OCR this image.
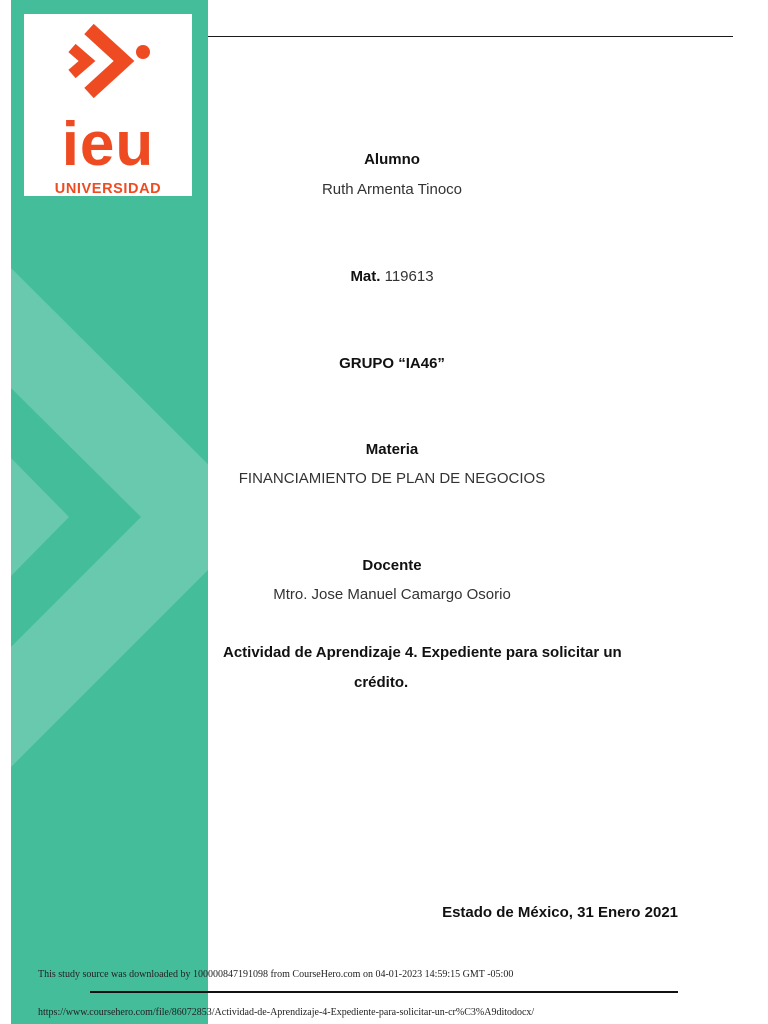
ieu
UNIVERSIDAD
Alumno
Ruth Armenta Tinoco
Mat. 119613
GRUPO “IA46”
Materia
FINANCIAMIENTO DE PLAN DE NEGOCIOS
Docente
Mtro. Jose Manuel Camargo Osorio
Actividad de Aprendizaje 4. Expediente para solicitar un
crédito.
Estado de México, 31 Enero 2021
This study source was downloaded by 100000847191098 from CourseHero.com on 04-01-2023 14:59:15 GMT -05:00
https://www.coursehero.com/file/86072853/Actividad-de-Aprendizaje-4-Expediente-para-solicitar-un-cr%C3%A9ditodocx/
